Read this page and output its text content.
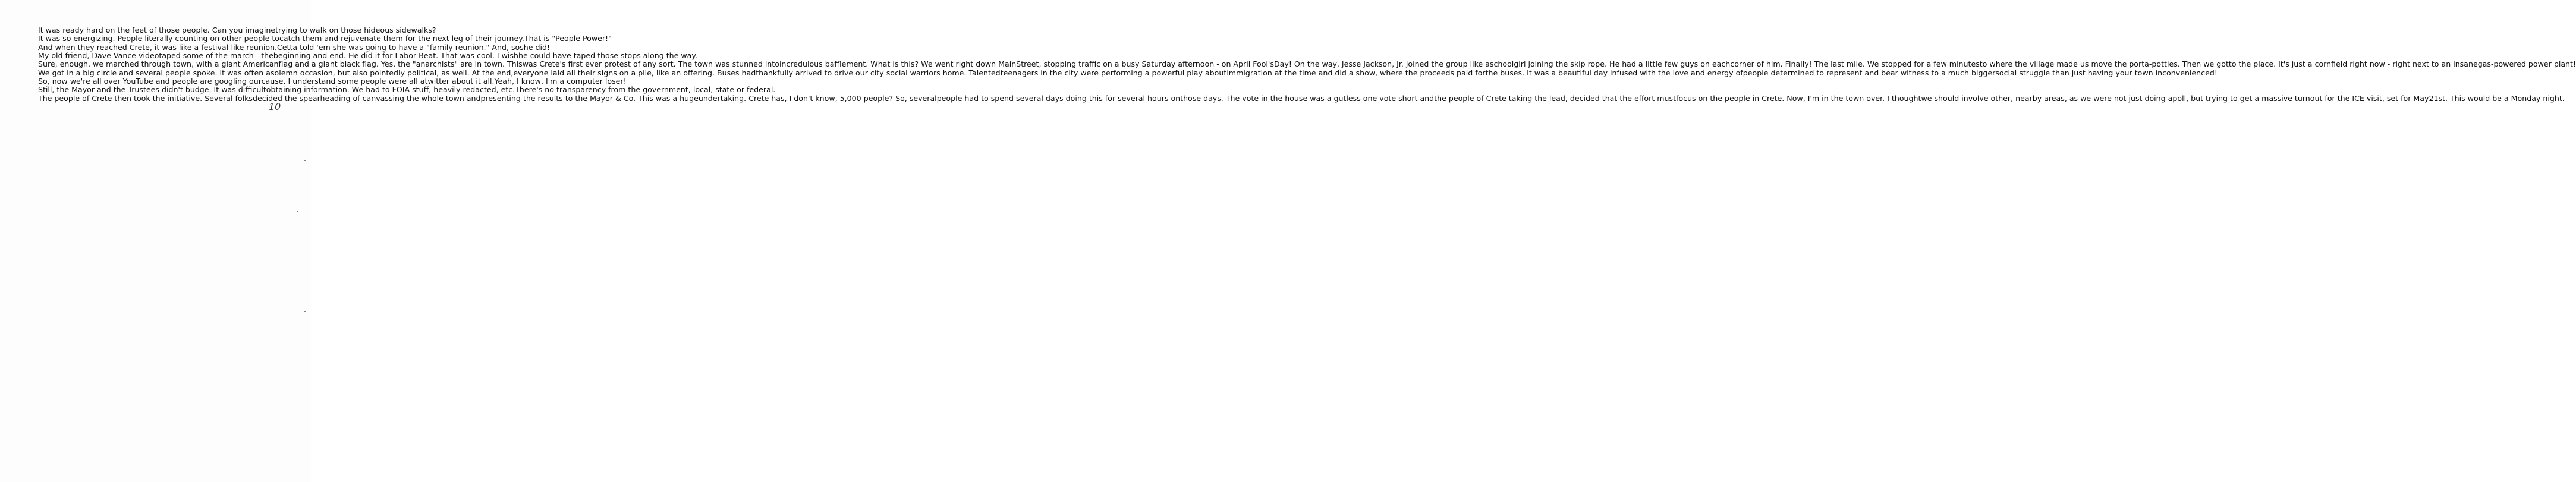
It was ready hard on the feet of those people. Can you imaginetrying to walk on those hideous sidewalks?
It was so energizing. People literally counting on other people tocatch them and rejuvenate them for the next leg of their journey.That is "People Power!"
And when they reached Crete, it was like a festival-like reunion.Cetta told 'em she was going to have a "family reunion." And, soshe did!
My old friend, Dave Vance videotaped some of the march - thebeginning and end. He did it for Labor Beat. That was cool. I wishhe could have taped those stops along the way.
Sure, enough, we marched through town, with a giant Americanflag and a giant black flag. Yes, the "anarchists" are in town. Thiswas Crete's first ever protest of any sort. The town was stunned intoincredulous bafflement. What is this? We went right down MainStreet, stopping traffic on a busy Saturday afternoon - on April Fool'sDay! On the way, Jesse Jackson, Jr. joined the group like aschoolgirl joining the skip rope. He had a little few guys on eachcorner of him. Finally! The last mile. We stopped for a few minutesto where the village made us move the porta-potties. Then we gotto the place. It's just a cornfield right now - right next to an insanegas-powered power plant!
We got in a big circle and several people spoke. It was often asolemn occasion, but also pointedly political, as well. At the end,everyone laid all their signs on a pile, like an offering. Buses hadthankfully arrived to drive our city social warriors home. Talentedteenagers in the city were performing a powerful play aboutimmigration at the time and did a show, where the proceeds paid forthe buses. It was a beautiful day infused with the love and energy ofpeople determined to represent and bear witness to a much biggersocial struggle than just having your town inconvenienced!
So, now we're all over YouTube and people are googling ourcause. I understand some people were all atwitter about it all.Yeah, I know, I'm a computer loser!
Still, the Mayor and the Trustees didn't budge. It was difficultobtaining information. We had to FOIA stuff, heavily redacted, etc.There's no transparency from the government, local, state or federal.
The people of Crete then took the initiative. Several folksdecided the spearheading of canvassing the whole town andpresenting the results to the Mayor & Co. This was a hugeundertaking. Crete has, I don't know, 5,000 people? So, severalpeople had to spend several days doing this for several hours onthose days. The vote in the house was a gutless one vote short andthe people of Crete taking the lead, decided that the effort mustfocus on the people in Crete. Now, I'm in the town over. I thoughtwe should involve other, nearby areas, as we were not just doing apoll, but trying to get a massive turnout for the ICE visit, set for May21st. This would be a Monday night.
10
